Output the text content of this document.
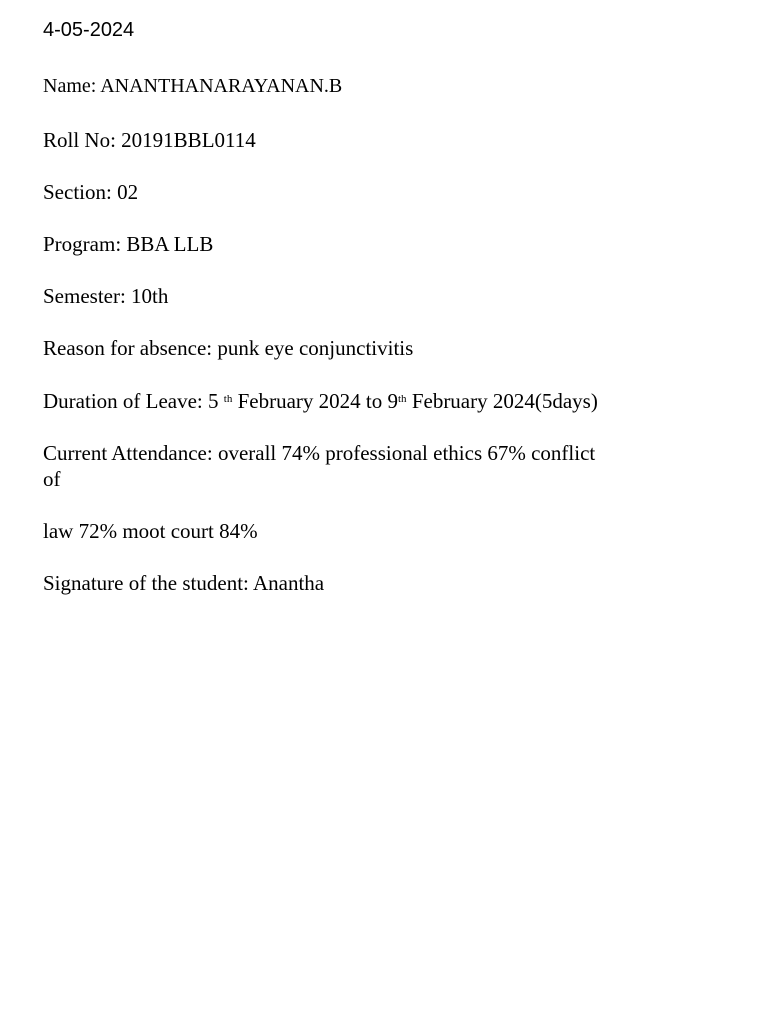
4-05-2024
Name: ANANTHANARAYANAN.B
Roll No: 20191BBL0114
Section: 02
Program: BBA LLB
Semester: 10th
Reason for absence: punk eye conjunctivitis
Duration of Leave: 5 $^{th}$ February 2024 to 9th February 2024(5days)
Current Attendance: overall 74% professional ethics 67% conflict
of
law 72% moot court 84%
Signature of the student: Anantha
